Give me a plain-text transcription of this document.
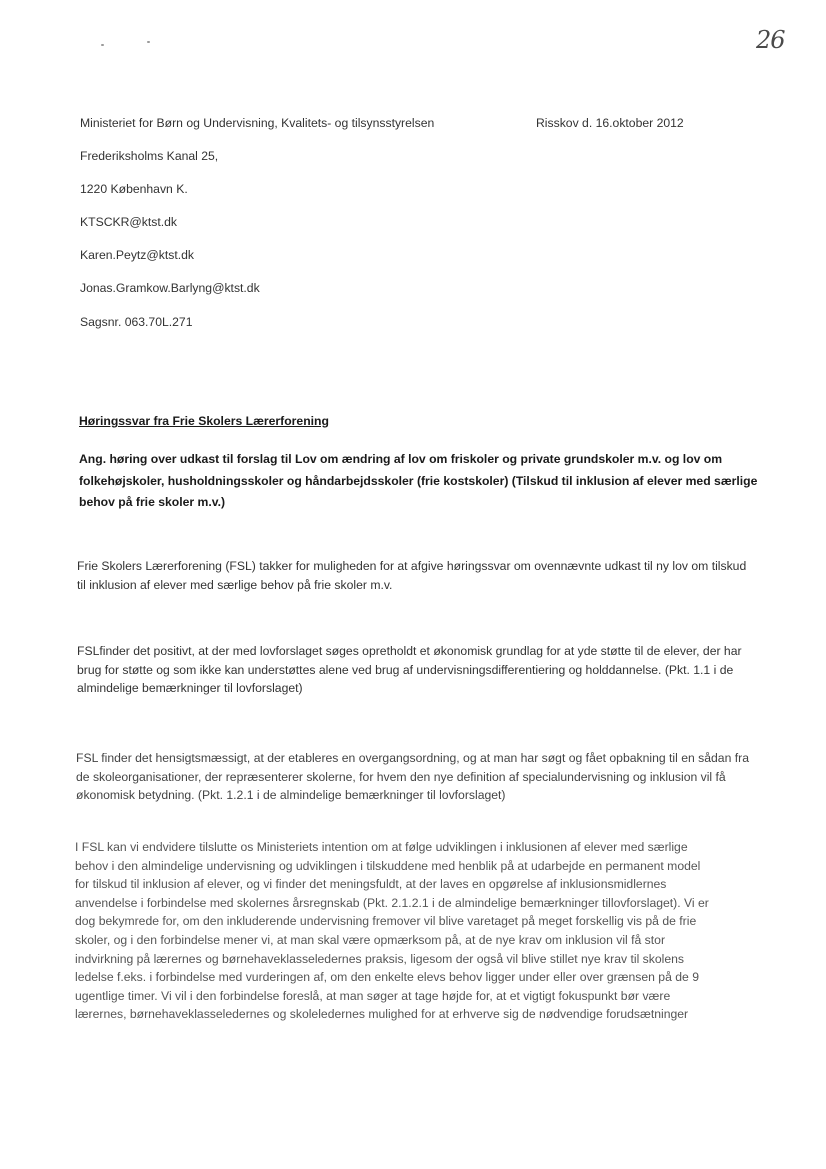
26
Ministeriet for Børn og Undervisning, Kvalitets- og tilsynsstyrelsen	Risskov d. 16.oktober 2012
Frederiksholms Kanal 25,
1220 København K.
KTSCKR@ktst.dk
Karen.Peytz@ktst.dk
Jonas.Gramkow.Barlyng@ktst.dk
Sagsnr. 063.70L.271
Høringssvar fra Frie Skolers Lærerforening
Ang. høring over udkast til forslag til Lov om ændring af lov om friskoler og private grundskoler m.v. og lov om folkehøjskoler, husholdningsskoler og håndarbejdsskoler (frie kostskoler) (Tilskud til inklusion af elever med særlige behov på frie skoler m.v.)
Frie Skolers Lærerforening (FSL) takker for muligheden for at afgive høringssvar om ovennævnte udkast til ny lov om tilskud til inklusion af elever med særlige behov på frie skoler m.v.
FSLfinder det positivt, at der med lovforslaget søges opretholdt et økonomisk grundlag for at yde støtte til de elever, der har brug for støtte og som ikke kan understøttes alene ved brug af undervisningsdifferentiering og holddannelse. (Pkt. 1.1 i de almindelige bemærkninger til lovforslaget)
FSL finder det hensigtsmæssigt, at der etableres en overgangsordning, og at man har søgt og fået opbakning til en sådan fra de skoleorganisationer, der repræsenterer skolerne, for hvem den nye definition af specialundervisning og inklusion vil få økonomisk betydning. (Pkt. 1.2.1 i de almindelige bemærkninger til lovforslaget)
I FSL kan vi endvidere tilslutte os Ministeriets intention om at følge udviklingen i inklusionen af elever med særlige
behov i den almindelige undervisning og udviklingen i tilskuddene med henblik på at udarbejde en permanent model
for tilskud til inklusion af elever, og vi finder det meningsfuldt, at der laves en opgørelse af inklusionsmidlernes
anvendelse i forbindelse med skolernes årsregnskab (Pkt. 2.1.2.1 i de almindelige bemærkninger tillovforslaget). Vi er
dog bekymrede for, om den inkluderende undervisning fremover vil blive varetaget på meget forskellig vis på de frie
skoler, og i den forbindelse mener vi, at man skal være opmærksom på, at de nye krav om inklusion vil få stor
indvirkning på lærernes og børnehaveklasseledernes praksis, ligesom der også vil blive stillet nye krav til skolens
ledelse f.eks. i forbindelse med vurderingen af, om den enkelte elevs behov ligger under eller over grænsen på de 9
ugentlige timer. Vi vil i den forbindelse foreslå, at man søger at tage højde for, at et vigtigt fokuspunkt bør være
lærernes, børnehaveklasseledernes og skoleledernes mulighed for at erhverve sig de nødvendige forudsætninger
